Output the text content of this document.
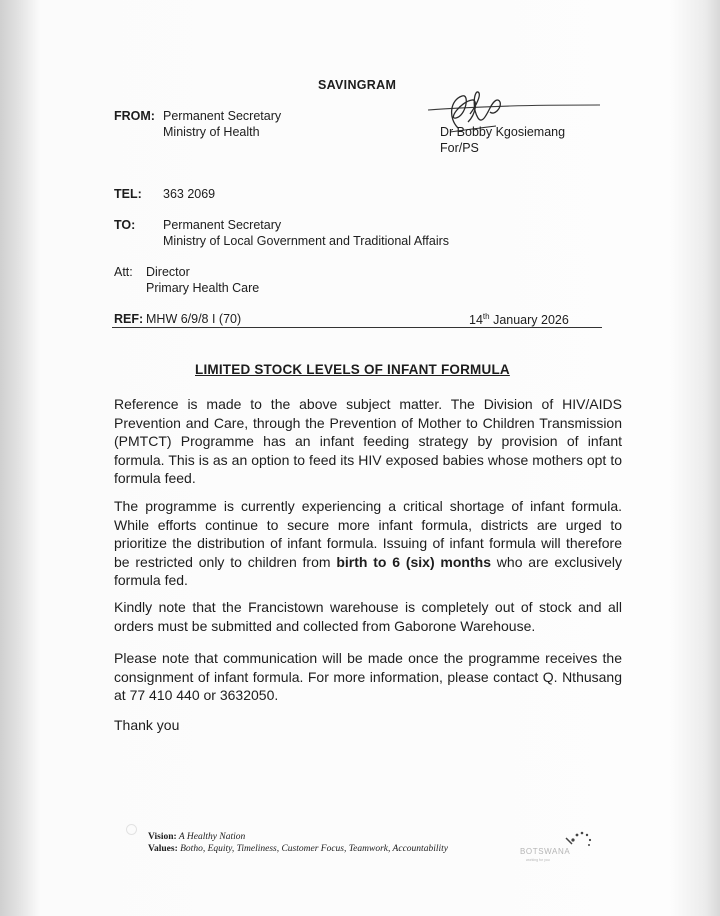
SAVINGRAM
FROM: Permanent Secretary
Ministry of Health	Dr Bobby Kgosiemang
For/PS
TEL: 363 2069
TO: Permanent Secretary
Ministry of Local Government and Traditional Affairs
Att: Director
Primary Health Care
REF: MHW 6/9/8 I (70)	14th January 2026
LIMITED STOCK LEVELS OF INFANT FORMULA
Reference is made to the above subject matter. The Division of HIV/AIDS Prevention and Care, through the Prevention of Mother to Children Transmission (PMTCT) Programme has an infant feeding strategy by provision of infant formula. This is as an option to feed its HIV exposed babies whose mothers opt to formula feed.
The programme is currently experiencing a critical shortage of infant formula. While efforts continue to secure more infant formula, districts are urged to prioritize the distribution of infant formula. Issuing of infant formula will therefore be restricted only to children from birth to 6 (six) months who are exclusively formula fed.
Kindly note that the Francistown warehouse is completely out of stock and all orders must be submitted and collected from Gaborone Warehouse.
Please note that communication will be made once the programme receives the consignment of infant formula. For more information, please contact Q. Nthusang at 77 410 440 or 3632050.
Thank you
Vision: A Healthy Nation
Values: Botho, Equity, Timeliness, Customer Focus, Teamwork, Accountability	BOTSWANA
working for you
